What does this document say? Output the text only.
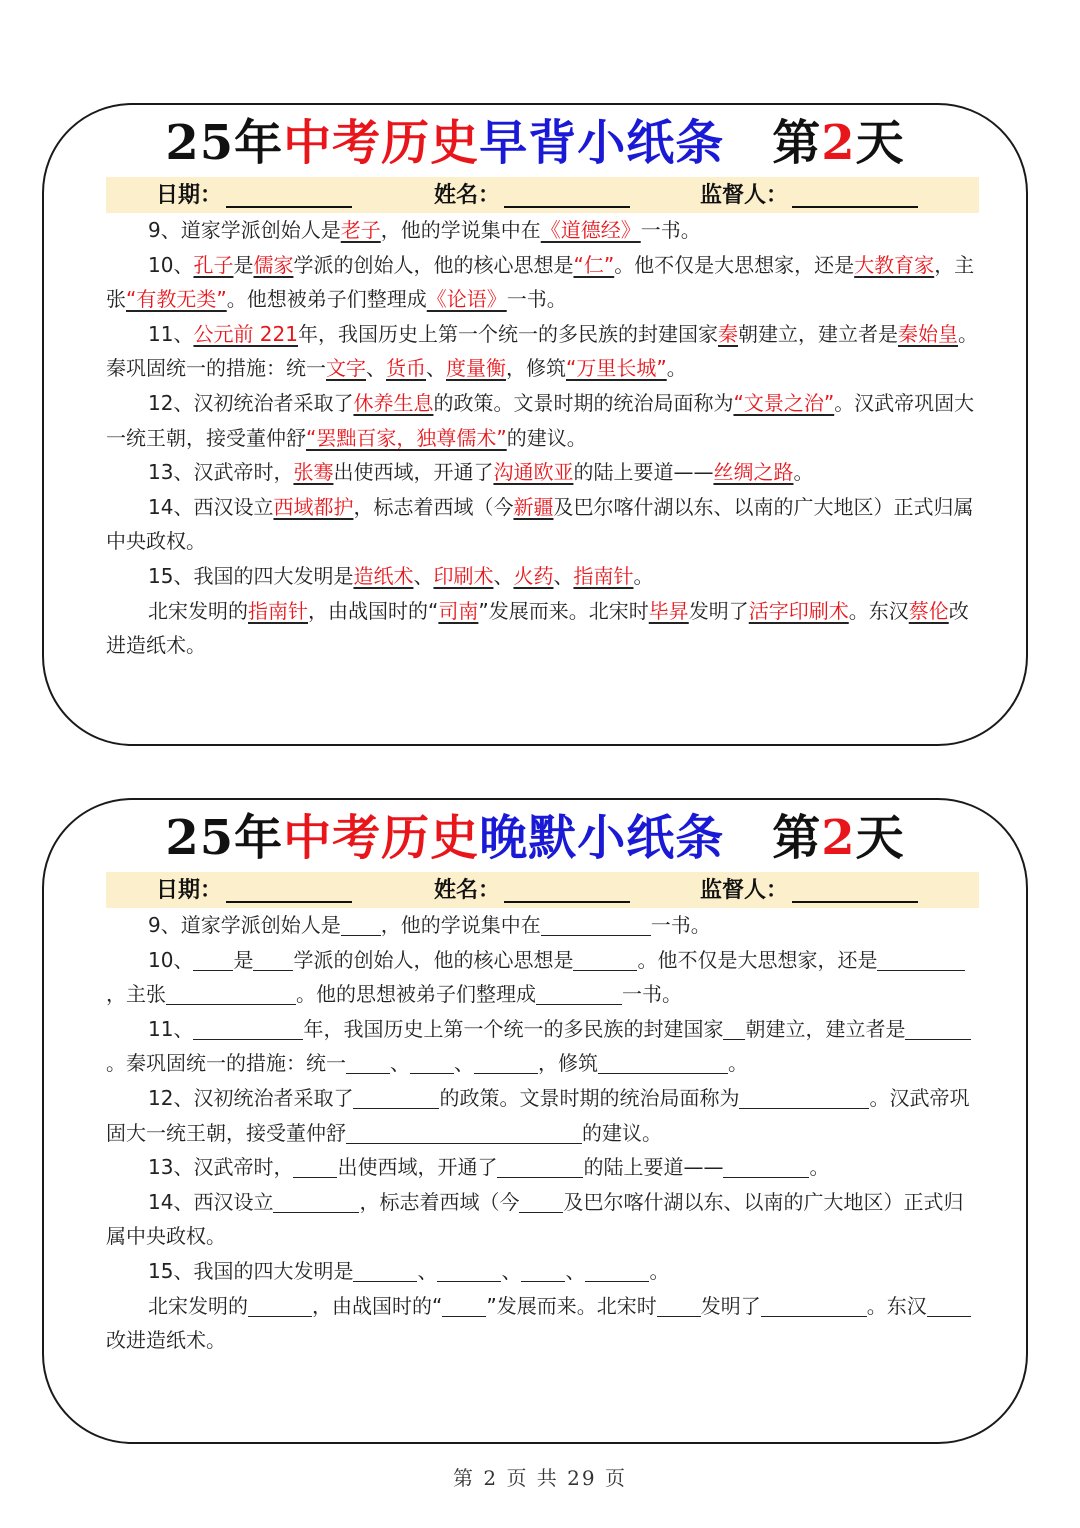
25年中考历史早背小纸条 第2天
日期：	姓名：	监督人：

9、道家学派创始人是老子，他的学说集中在《道德经》一书。

10、孔子是儒家学派的创始人，他的核心思想是“仁”。他不仅是大思想家，还是大教育家，主张“有教无类”。他想被弟子们整理成《论语》一书。

11、公元前 221年，我国历史上第一个统一的多民族的封建国家秦朝建立，建立者是秦始皇。秦巩固统一的措施：统一文字、货币、度量衡，修筑“万里长城”。

12、汉初统治者采取了休养生息的政策。文景时期的统治局面称为“文景之治”。汉武帝巩固大一统王朝，接受董仲舒“罢黜百家，独尊儒术”的建议。

13、汉武帝时，张骞出使西域，开通了沟通欧亚的陆上要道——丝绸之路。

14、西汉设立西域都护，标志着西域（今新疆及巴尔喀什湖以东、以南的广大地区）正式归属中央政权。

15、我国的四大发明是造纸术、印刷术、火药、指南针。

北宋发明的指南针，由战国时的“司南”发展而来。北宋时毕昇发明了活字印刷术。东汉蔡伦改进造纸术。

25年中考历史晚默小纸条 第2天
日期：	姓名：	监督人：

9、道家学派创始人是 ，他的学说集中在	一书。

10、 是 学派的创始人，他的核心思想是	。他不仅是大思想家，还是，主张	。他的思想被弟子们整理成	一书。

11、	年，我国历史上第一个统一的多民族的封建国家 朝建立，建立者是。秦巩固统一的措施：统一 、 、	，修筑	。

12、汉初统治者采取了	的政策。文景时期的统治局面称为	。汉武帝巩固大一统王朝，接受董仲舒	的建议。

13、汉武帝时， 出使西域，开通了	的陆上要道——	。

14、西汉设立	，标志着西域（今 及巴尔喀什湖以东、以南的广大地区）正式归属中央政权。

15、我国的四大发明是	、	、 、	。

北宋发明的	，由战国时的“ ”发展而来。北宋时 发明了	。东汉改进造纸术。

第 2 页 共 29 页
